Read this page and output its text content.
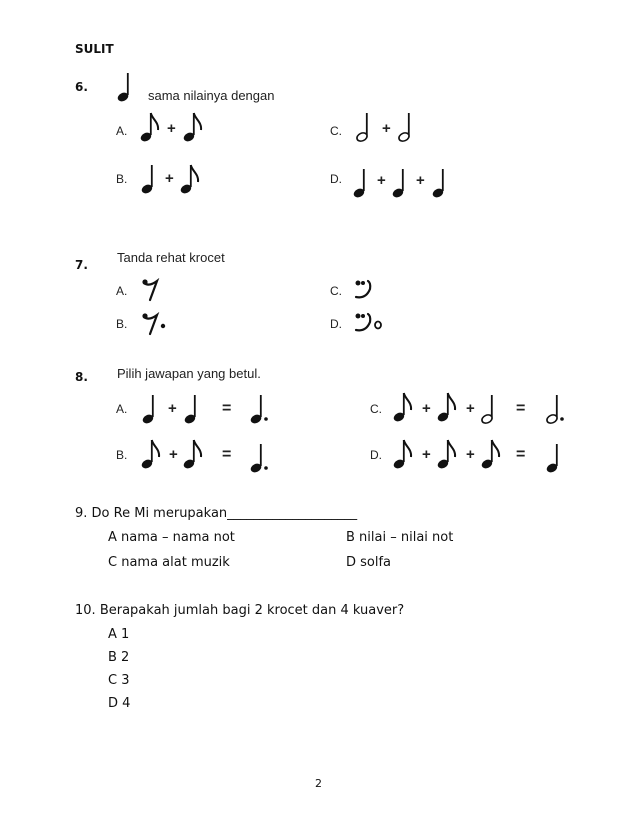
SULIT
6.
sama nilainya dengan
A.	+	C.	+
B.	+	D. + +
7. Tanda rehat krocet
A.	C.
B.	D.
8. Pilih jawapan yang betul.
A.	+	=	C.	+ +	=
B.	+	=	D.	+ +	=
9. Do Re Mi merupakan____________________
A nama – nama not	B nilai – nilai not
C nama alat muzik	D solfa
10. Berapakah jumlah bagi 2 krocet dan 4 kuaver?
A 1
B 2
C 3
D 4
2
